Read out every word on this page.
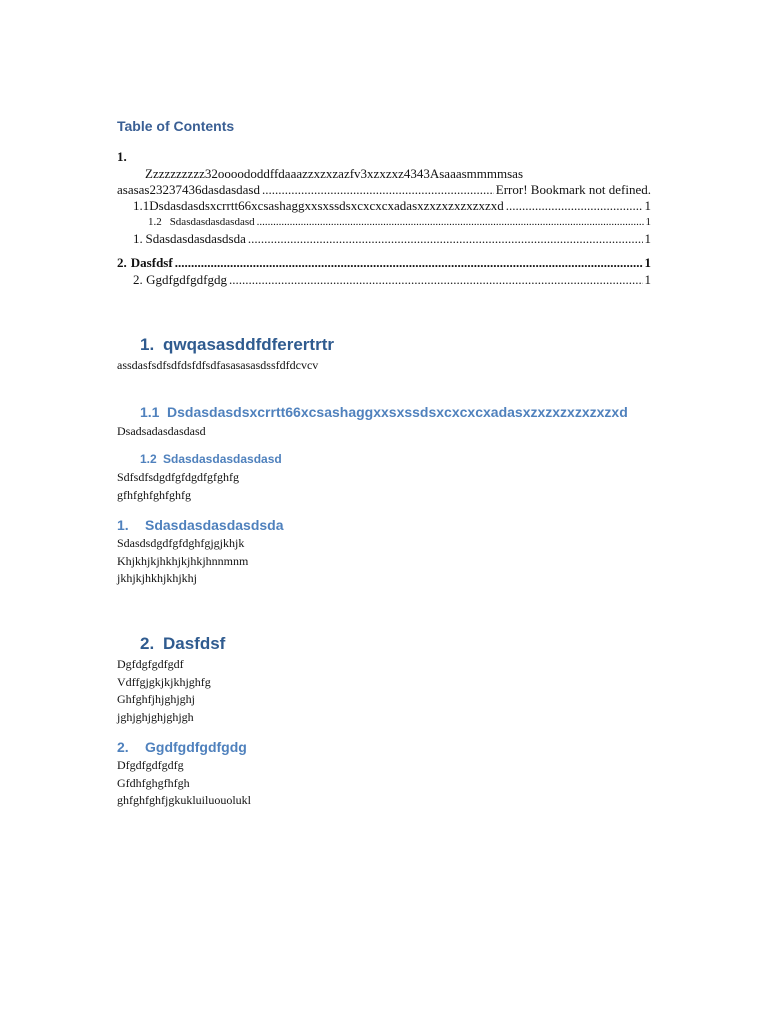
Table of Contents
1.
Zzzzzzzzzz32oooododdffdaaazzxzxzazfv3xzxzxz4343Asaaasmmmmsas
asasas23237436dasdasdasd .....	Error! Bookmark not defined.
1.1 Dsdasdasdsxcrrtt66xcsashaggxxsxssdsxcxcxcxadasxzxzxzxzxzxzxd .....	1
1.2 Sdasdasdasdasdasd .....	1
1. Sdasdasdasdasdsda .....	1
2. Dasfdsf .....	1
2. Ggdfgdfgdfgdg .....	1
1. qwqasasddfdferertrtr
assdasfsdfsdfdsfdfsdfasasasasdssfdfdcvcv
1.1 Dsdasdasdsxcrrtt66xcsashaggxxsxssdsxcxcxcxadasxzxzxzxzxzxzxd
Dsadsadasdasdasd
1.2 Sdasdasdasdasdasd
Sdfsdfsdgdfgfdgdfgfghfg
gfhfghfghfghfg
1. Sdasdasdasdasdsda
Sdasdsdgdfgfdghfgjgjkhjk
Khjkhjkjhkhjkjhkjhnnmnm
jkhjkjhkhjkhjkhj
2. Dasfdsf
Dgfdgfgdfgdf
Vdffgjgkjkjkhjghfg
Ghfghfjhjghjghj
jghjghjghjghjgh
2. Ggdfgdfgdfgdg
Dfgdfgdfgdfg
Gfdhfghgfhfgh
ghfghfghfjgkukluiluouolukl
